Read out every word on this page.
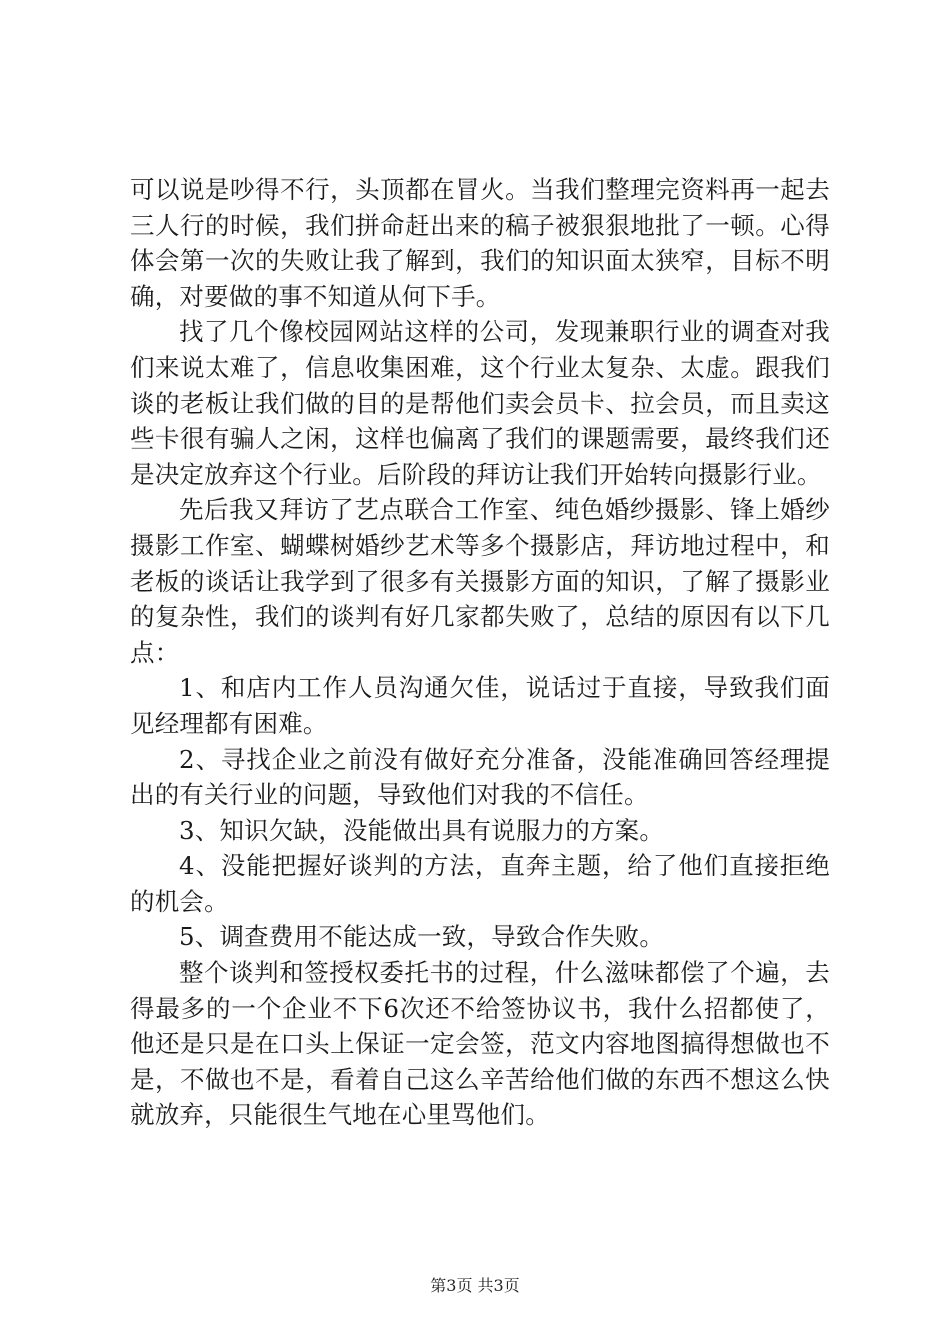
可以说是吵得不行，头顶都在冒火。当我们整理完资料再一起去三人行的时候，我们拼命赶出来的稿子被狠狠地批了一顿。心得体会第一次的失败让我了解到，我们的知识面太狭窄，目标不明确，对要做的事不知道从何下手。

找了几个像校园网站这样的公司，发现兼职行业的调查对我们来说太难了，信息收集困难，这个行业太复杂、太虚。跟我们谈的老板让我们做的目的是帮他们卖会员卡、拉会员，而且卖这些卡很有骗人之闲，这样也偏离了我们的课题需要，最终我们还是决定放弃这个行业。后阶段的拜访让我们开始转向摄影行业。

先后我又拜访了艺点联合工作室、纯色婚纱摄影、锋上婚纱摄影工作室、蝴蝶树婚纱艺术等多个摄影店，拜访地过程中，和老板的谈话让我学到了很多有关摄影方面的知识，了解了摄影业的复杂性，我们的谈判有好几家都失败了，总结的原因有以下几点：

1、和店内工作人员沟通欠佳，说话过于直接，导致我们面见经理都有困难。

2、寻找企业之前没有做好充分准备，没能准确回答经理提出的有关行业的问题，导致他们对我的不信任。

3、知识欠缺，没能做出具有说服力的方案。

4、没能把握好谈判的方法，直奔主题，给了他们直接拒绝的机会。

5、调查费用不能达成一致，导致合作失败。

整个谈判和签授权委托书的过程，什么滋味都偿了个遍，去得最多的一个企业不下6次还不给签协议书，我什么招都使了，他还是只是在口头上保证一定会签，范文内容地图搞得想做也不是，不做也不是，看着自己这么辛苦给他们做的东西不想这么快就放弃，只能很生气地在心里骂他们。

第3页 共3页
